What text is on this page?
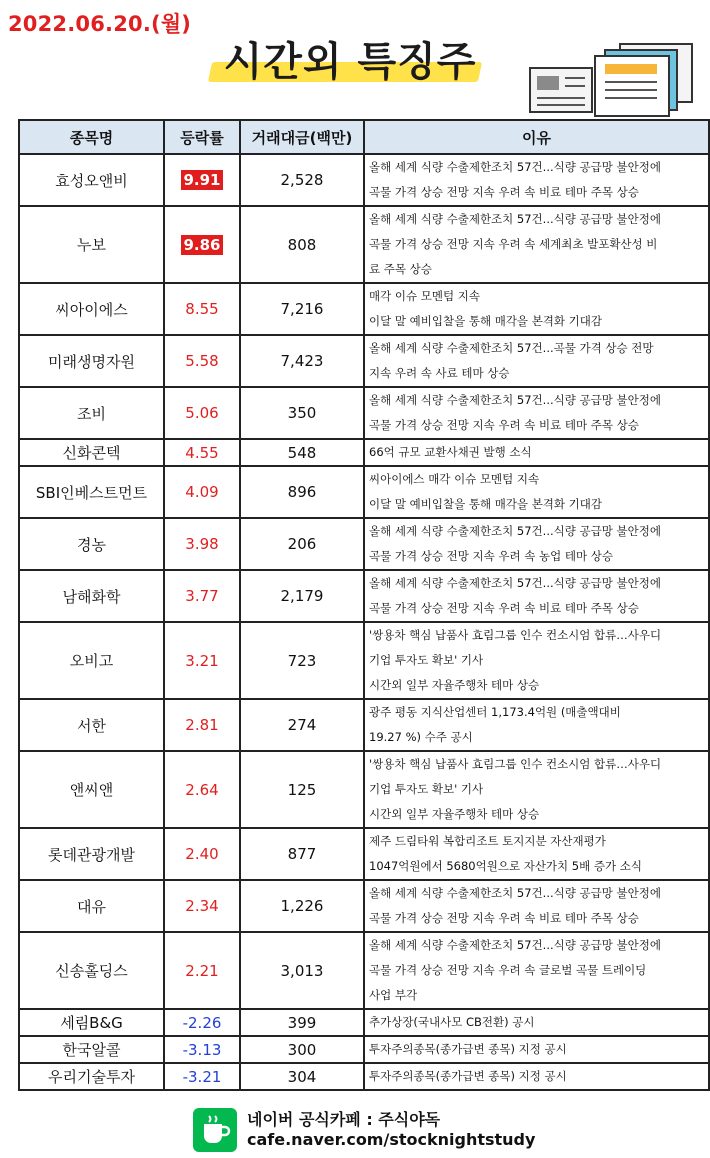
2022.06.20.(월)
시간외 특징주
종목명	등락률	거래대금(백만)	이유
효성오앤비	9.91	2,528	올해 세계 식량 수출제한조치 57건...식량 공급망 불안정에
곡물 가격 상승 전망 지속 우려 속 비료 테마 주목 상승

누보	9.86	808	올해 세계 식량 수출제한조치 57건...식량 공급망 불안정에
곡물 가격 상승 전망 지속 우려 속 세계최초 발포확산성 비
료 주목 상승

씨아이에스	8.55	7,216	매각 이슈 모멘텀 지속
이달 말 예비입찰을 통해 매각을 본격화 기대감

미래생명자원	5.58	7,423	올해 세계 식량 수출제한조치 57건...곡물 가격 상승 전망
지속 우려 속 사료 테마 상승

조비	5.06	350	올해 세계 식량 수출제한조치 57건...식량 공급망 불안정에
곡물 가격 상승 전망 지속 우려 속 비료 테마 주목 상승

신화콘텍	4.55	548	66억 규모 교환사채권 발행 소식

SBI인베스트먼트	4.09	896	씨아이에스 매각 이슈 모멘텀 지속
이달 말 예비입찰을 통해 매각을 본격화 기대감

경농	3.98	206	올해 세계 식량 수출제한조치 57건...식량 공급망 불안정에
곡물 가격 상승 전망 지속 우려 속 농업 테마 상승

남해화학	3.77	2,179	올해 세계 식량 수출제한조치 57건...식량 공급망 불안정에
곡물 가격 상승 전망 지속 우려 속 비료 테마 주목 상승

오비고	3.21	723	'쌍용차 핵심 납품사 효림그룹 인수 컨소시엄 합류…사우디
기업 투자도 확보' 기사
시간외 일부 자율주행차 테마 상승

서한	2.81	274	광주 평동 지식산업센터 1,173.4억원 (매출액대비
19.27 %) 수주 공시

앤씨앤	2.64	125	'쌍용차 핵심 납품사 효림그룹 인수 컨소시엄 합류…사우디
기업 투자도 확보' 기사
시간외 일부 자율주행차 테마 상승

롯데관광개발	2.40	877	제주 드림타워 복합리조트 토지지분 자산재평가
1047억원에서 5680억원으로 자산가치 5배 증가 소식

대유	2.34	1,226	올해 세계 식량 수출제한조치 57건...식량 공급망 불안정에
곡물 가격 상승 전망 지속 우려 속 비료 테마 주목 상승

신송홀딩스	2.21	3,013	올해 세계 식량 수출제한조치 57건...식량 공급망 불안정에
곡물 가격 상승 전망 지속 우려 속 글로벌 곡물 트레이딩
사업 부각

세림B&G	-2.26	399	추가상장(국내사모 CB전환) 공시

한국알콜	-3.13	300	투자주의종목(종가급변 종목) 지정 공시

우리기술투자	-3.21	304	투자주의종목(종가급변 종목) 지정 공시
네이버 공식카페 : 주식야독
cafe.naver.com/stocknightstudy
